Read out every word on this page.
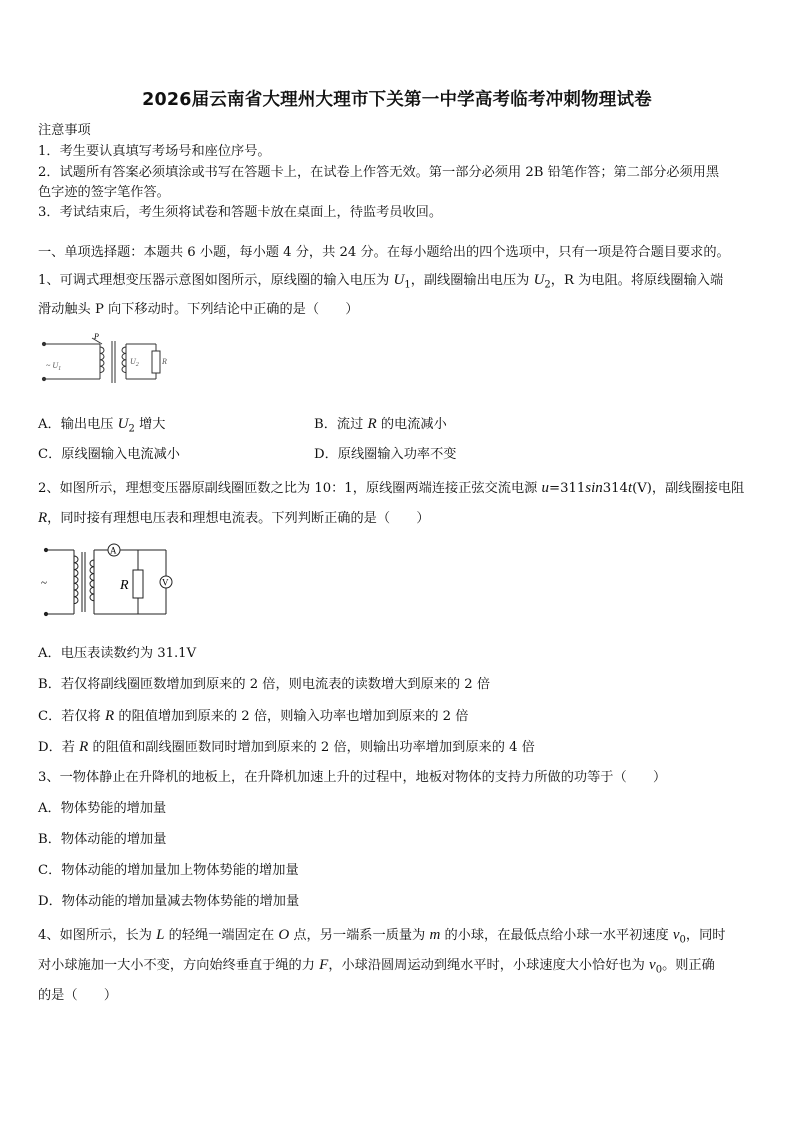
2026届云南省大理州大理市下关第一中学高考临考冲刺物理试卷
注意事项
1．考生要认真填写考场号和座位序号。
2．试题所有答案必须填涂或书写在答题卡上，在试卷上作答无效。第一部分必须用 2B 铅笔作答；第二部分必须用黑
色字迹的签字笔作答。
3．考试结束后，考生须将试卷和答题卡放在桌面上，待监考员收回。
一、单项选择题：本题共 6 小题，每小题 4 分，共 24 分。在每小题给出的四个选项中，只有一项是符合题目要求的。
1、可调式理想变压器示意图如图所示，原线圈的输入电压为 $U_1$，副线圈输出电压为 $U_2$，R 为电阻。将原线圈输入端
滑动触头 P 向下移动时。下列结论中正确的是（　　）
P
~ $U_1$
$U_2$	R
A．输出电压 $U_2$ 增大	B．流过 R 的电流减小
C．原线圈输入电流减小	D．原线圈输入功率不变
2、如图所示，理想变压器原副线圈匝数之比为 10：1，原线圈两端连接正弦交流电源 u=311sin314t(V)，副线圈接电阻
R，同时接有理想电压表和理想电流表。下列判断正确的是（　　）
A
V
R
~
A．电压表读数约为 31.1V
B．若仅将副线圈匝数增加到原来的 2 倍，则电流表的读数增大到原来的 2 倍
C．若仅将 R 的阻值增加到原来的 2 倍，则输入功率也增加到原来的 2 倍
D．若 R 的阻值和副线圈匝数同时增加到原来的 2 倍，则输出功率增加到原来的 4 倍
3、一物体静止在升降机的地板上，在升降机加速上升的过程中，地板对物体的支持力所做的功等于（　　）
A．物体势能的增加量
B．物体动能的增加量
C．物体动能的增加量加上物体势能的增加量
D．物体动能的增加量减去物体势能的增加量
4、如图所示，长为 L 的轻绳一端固定在 O 点，另一端系一质量为 m 的小球，在最低点给小球一水平初速度 $v_0$，同时
对小球施加一大小不变，方向始终垂直于绳的力 F，小球沿圆周运动到绳水平时，小球速度大小恰好也为 $v_0$。则正确
的是（　　）
